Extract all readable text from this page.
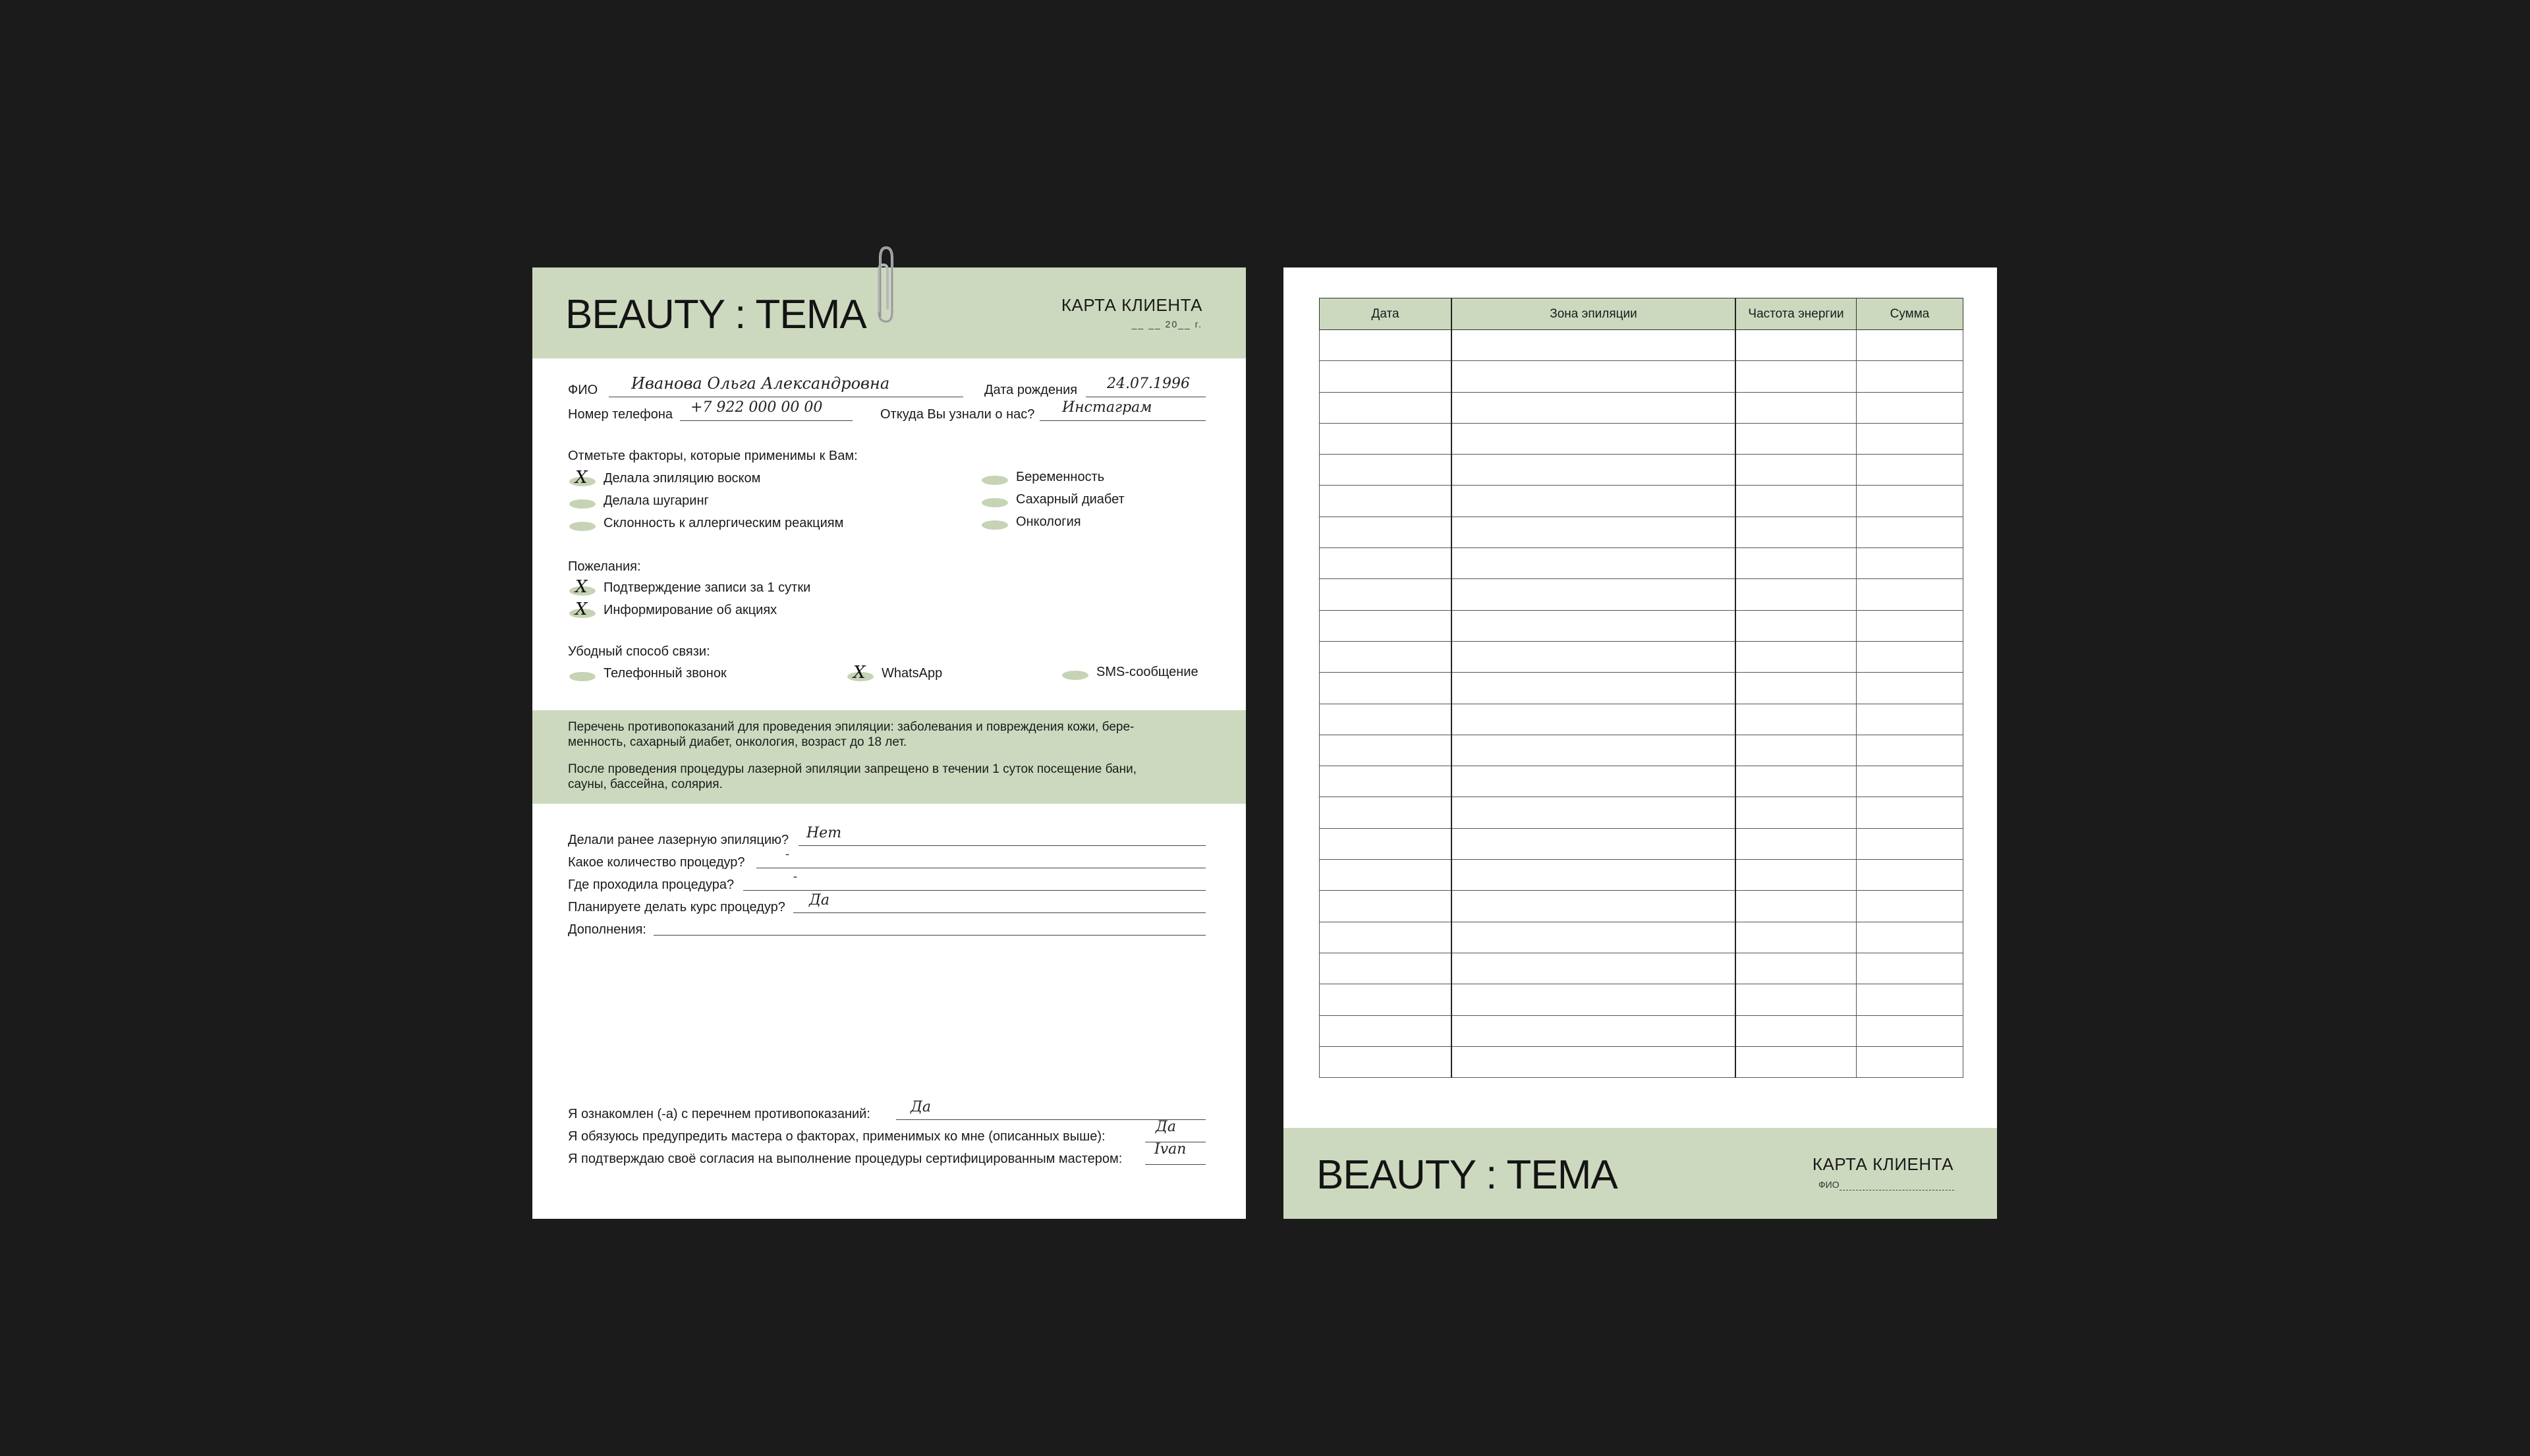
BEAUTY : TEMA	КАРТА КЛИЕНТА
__ __ 20__ г.
ФИО Иванова Ольга Александровна	Дата рождения 24.07.1996
Номер телефона +7 922 000 00 00	Откуда Вы узнали о нас? Инстаграм
Отметьте факторы, которые применимы к Вам:
X Делала эпиляцию воском
Делала шугаринг
Склонность к аллергическим реакциям
Беременность
Сахарный диабет
Онкология
Пожелания:
X Подтверждение записи за 1 сутки
X Информирование об акциях
Убодный способ связи:
Телефонный звонок	X WhatsApp	SMS-сообщение
Перечень противопоказаний для проведения эпиляции: заболевания и повреждения кожи, бере-
менность, сахарный диабет, онкология, возраст до 18 лет.
После проведения процедуры лазерной эпиляции запрещено в течении 1 суток посещение бани,
сауны, бассейна, солярия.
Делали ранее лазерную эпиляцию? Нет
Какое количество процедур?
-
Где проходила процедура?
-
Планируете делать курс процедур? Да
Дополнения:
Я ознакомлен (-а) с перечнем противопоказаний:	Да
Я обязуюсь предупредить мастера о факторах, применимых ко мне (описанных выше):
Да
Я подтверждаю своё согласия на выполнение процедуры сертифицированным мастером:
Ivan
Дата	Зона эпиляции	Частота энергии	Сумма

BEAUTY : TEMA	КАРТА КЛИЕНТА
ФИО
